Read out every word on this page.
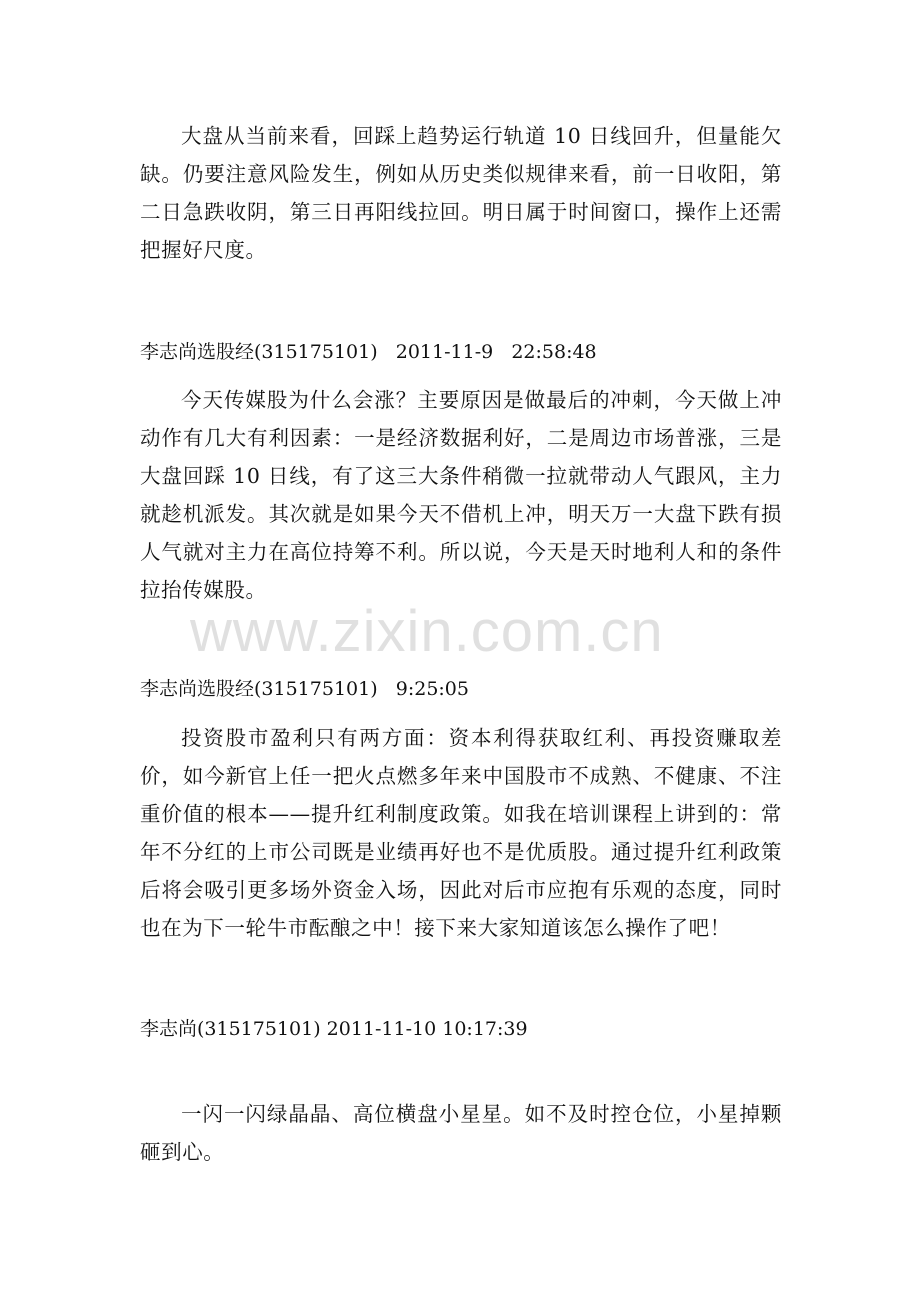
大盘从当前来看，回踩上趋势运行轨道 10 日线回升，但量能欠缺。仍要注意风险发生，例如从历史类似规律来看，前一日收阳，第二日急跌收阴，第三日再阳线拉回。明日属于时间窗口，操作上还需把握好尺度。

李志尚选股经(315175101)   2011-11-9   22:58:48

今天传媒股为什么会涨？主要原因是做最后的冲刺，今天做上冲动作有几大有利因素：一是经济数据利好，二是周边市场普涨，三是大盘回踩 10 日线，有了这三大条件稍微一拉就带动人气跟风，主力就趁机派发。其次就是如果今天不借机上冲，明天万一大盘下跌有损人气就对主力在高位持筹不利。所以说，今天是天时地利人和的条件拉抬传媒股。

李志尚选股经(315175101)   9:25:05

投资股市盈利只有两方面：资本利得获取红利、再投资赚取差价，如今新官上任一把火点燃多年来中国股市不成熟、不健康、不注重价值的根本——提升红利制度政策。如我在培训课程上讲到的：常年不分红的上市公司既是业绩再好也不是优质股。通过提升红利政策后将会吸引更多场外资金入场，因此对后市应抱有乐观的态度，同时也在为下一轮牛市酝酿之中！接下来大家知道该怎么操作了吧！

李志尚(315175101) 2011-11-10 10:17:39

一闪一闪绿晶晶、高位横盘小星星。如不及时控仓位，小星掉颗砸到心。

www.zixin.com.cn
